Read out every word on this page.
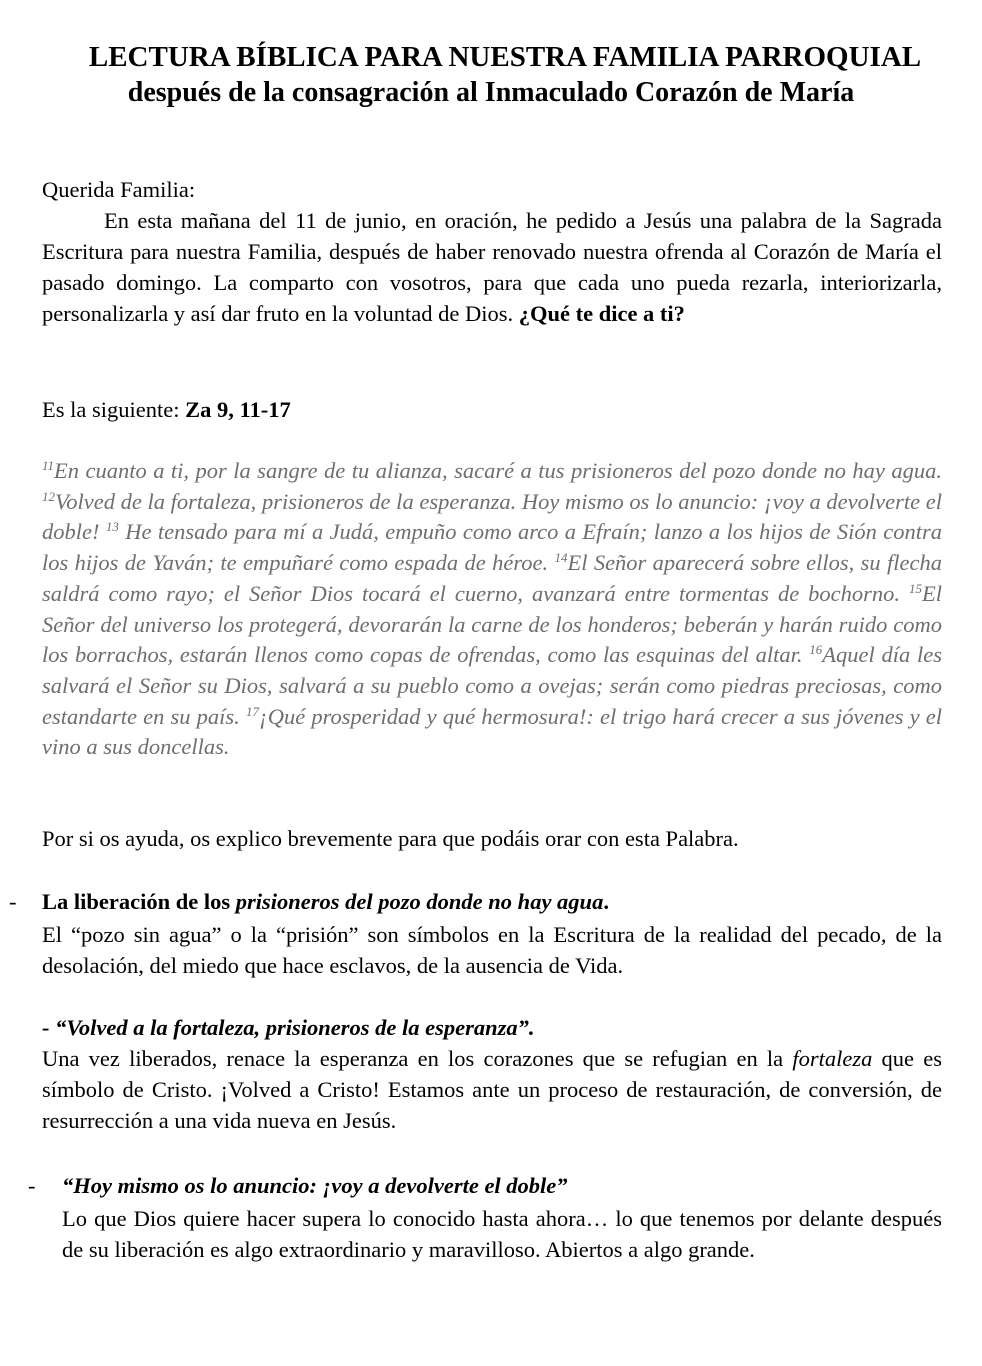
LECTURA BÍBLICA PARA NUESTRA FAMILIA PARROQUIAL
después de la consagración al Inmaculado Corazón de María
Querida Familia:
En esta mañana del 11 de junio, en oración, he pedido a Jesús una palabra de la Sagrada Escritura para nuestra Familia, después de haber renovado nuestra ofrenda al Corazón de María el pasado domingo. La comparto con vosotros, para que cada uno pueda rezarla, interiorizarla, personalizarla y así dar fruto en la voluntad de Dios. ¿Qué te dice a ti?
Es la siguiente: Za 9, 11-17
$^{11}$En cuanto a ti, por la sangre de tu alianza, sacaré a tus prisioneros del pozo donde no hay agua. $^{12}$Volved de la fortaleza, prisioneros de la esperanza. Hoy mismo os lo anuncio: ¡voy a devolverte el doble! $^{13}$ He tensado para mí a Judá, empuño como arco a Efraín; lanzo a los hijos de Sión contra los hijos de Yaván; te empuñaré como espada de héroe. $^{14}$El Señor aparecerá sobre ellos, su flecha saldrá como rayo; el Señor Dios tocará el cuerno, avanzará entre tormentas de bochorno. $^{15}$El Señor del universo los protegerá, devorarán la carne de los honderos; beberán y harán ruido como los borrachos, estarán llenos como copas de ofrendas, como las esquinas del altar. $^{16}$Aquel día les salvará el Señor su Dios, salvará a su pueblo como a ovejas; serán como piedras preciosas, como estandarte en su país. $^{17}$¡Qué prosperidad y qué hermosura!: el trigo hará crecer a sus jóvenes y el vino a sus doncellas.
Por si os ayuda, os explico brevemente para que podáis orar con esta Palabra.
- La liberación de los prisioneros del pozo donde no hay agua.
El “pozo sin agua” o la “prisión” son símbolos en la Escritura de la realidad del pecado, de la desolación, del miedo que hace esclavos, de la ausencia de Vida.
- “Volved a la fortaleza, prisioneros de la esperanza”.
Una vez liberados, renace la esperanza en los corazones que se refugian en la fortaleza que es símbolo de Cristo. ¡Volved a Cristo! Estamos ante un proceso de restauración, de conversión, de resurrección a una vida nueva en Jesús.
- “Hoy mismo os lo anuncio: ¡voy a devolverte el doble”
Lo que Dios quiere hacer supera lo conocido hasta ahora… lo que tenemos por delante después de su liberación es algo extraordinario y maravilloso. Abiertos a algo grande.
